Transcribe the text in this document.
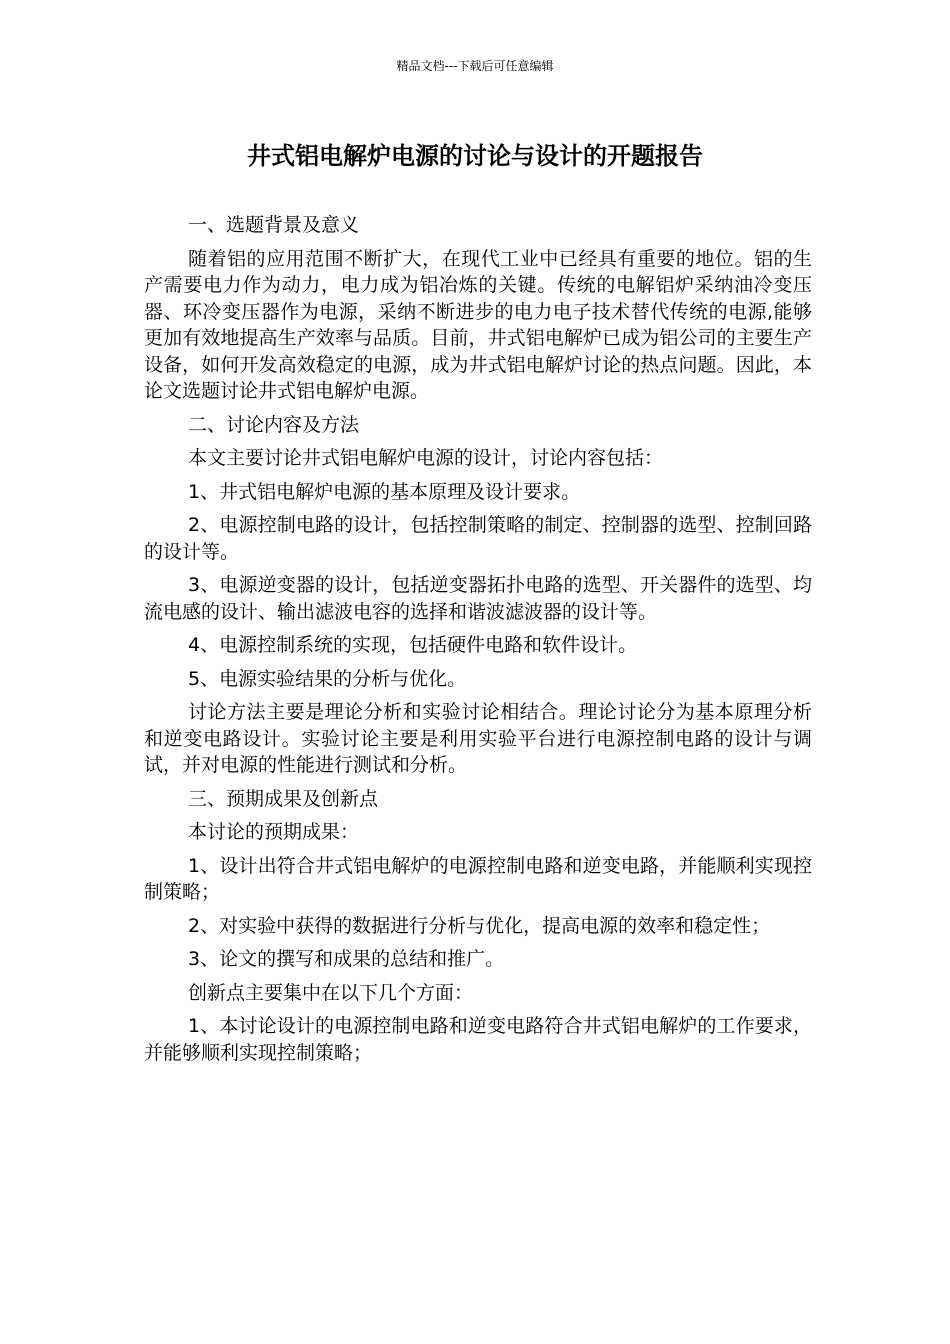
精品文档---下载后可任意编辑
井式铝电解炉电源的讨论与设计的开题报告

一、选题背景及意义

随着铝的应用范围不断扩大，在现代工业中已经具有重要的地位。铝的生产需要电力作为动力，电力成为铝冶炼的关键。传统的电解铝炉采纳油冷变压器、环冷变压器作为电源，采纳不断进步的电力电子技术替代传统的电源,能够更加有效地提高生产效率与品质。目前，井式铝电解炉已成为铝公司的主要生产设备，如何开发高效稳定的电源，成为井式铝电解炉讨论的热点问题。因此，本论文选题讨论井式铝电解炉电源。

二、讨论内容及方法

本文主要讨论井式铝电解炉电源的设计，讨论内容包括：

1、井式铝电解炉电源的基本原理及设计要求。

2、电源控制电路的设计，包括控制策略的制定、控制器的选型、控制回路的设计等。

3、电源逆变器的设计，包括逆变器拓扑电路的选型、开关器件的选型、均流电感的设计、输出滤波电容的选择和谐波滤波器的设计等。

4、电源控制系统的实现，包括硬件电路和软件设计。

5、电源实验结果的分析与优化。

讨论方法主要是理论分析和实验讨论相结合。理论讨论分为基本原理分析和逆变电路设计。实验讨论主要是利用实验平台进行电源控制电路的设计与调试，并对电源的性能进行测试和分析。

三、预期成果及创新点

本讨论的预期成果：

1、设计出符合井式铝电解炉的电源控制电路和逆变电路，并能顺利实现控制策略；

2、对实验中获得的数据进行分析与优化，提高电源的效率和稳定性；

3、论文的撰写和成果的总结和推广。

创新点主要集中在以下几个方面：

1、本讨论设计的电源控制电路和逆变电路符合井式铝电解炉的工作要求，并能够顺利实现控制策略；
